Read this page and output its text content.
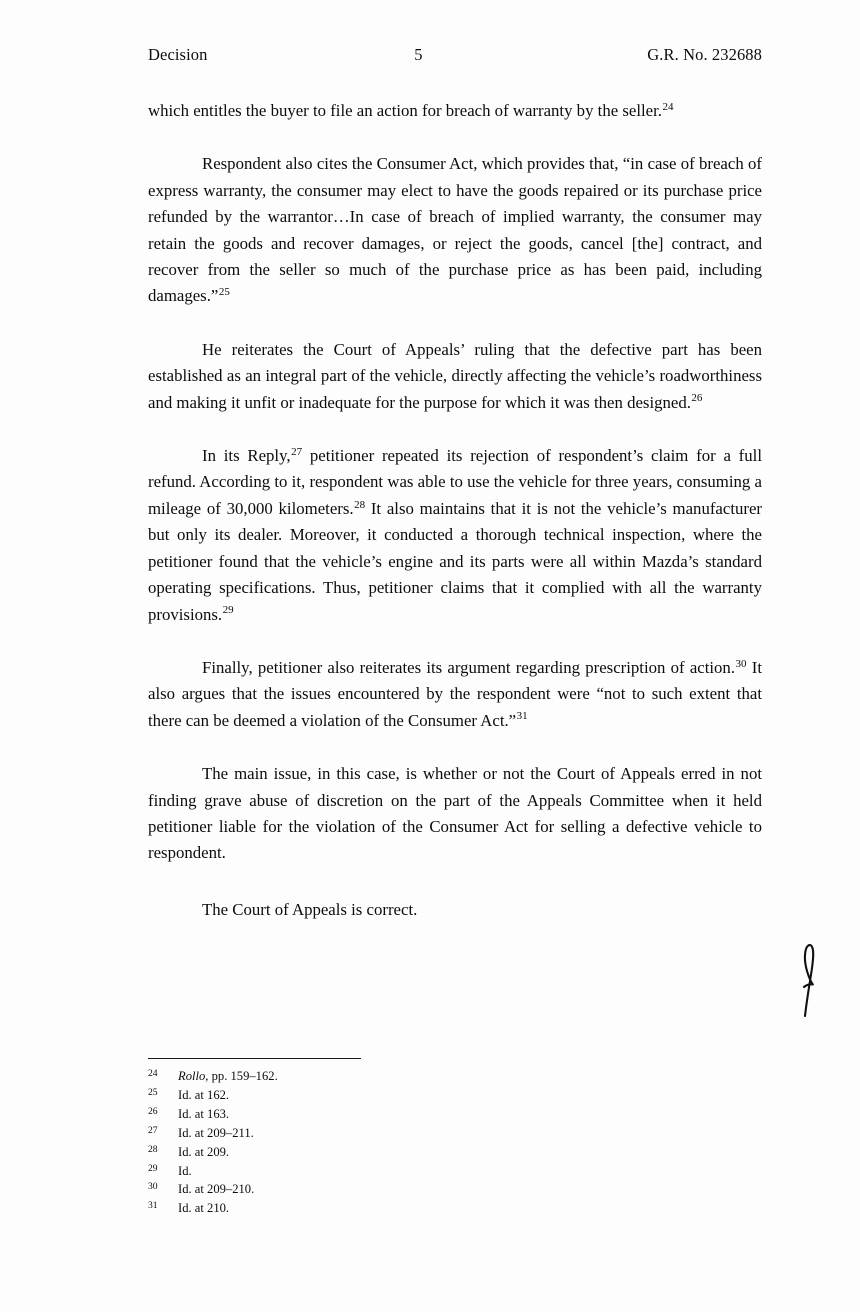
Decision	5	G.R. No. 232688

which entitles the buyer to file an action for breach of warranty by the seller.$^{24}$

Respondent also cites the Consumer Act, which provides that, “in case of breach of express warranty, the consumer may elect to have the goods repaired or its purchase price refunded by the warrantor…In case of breach of implied warranty, the consumer may retain the goods and recover damages, or reject the goods, cancel [the] contract, and recover from the seller so much of the purchase price as has been paid, including damages.”$^{25}$

He reiterates the Court of Appeals’ ruling that the defective part has been established as an integral part of the vehicle, directly affecting the vehicle’s roadworthiness and making it unfit or inadequate for the purpose for which it was then designed.$^{26}$

In its Reply,$^{27}$ petitioner repeated its rejection of respondent’s claim for a full refund. According to it, respondent was able to use the vehicle for three years, consuming a mileage of 30,000 kilometers.$^{28}$ It also maintains that it is not the vehicle’s manufacturer but only its dealer. Moreover, it conducted a thorough technical inspection, where the petitioner found that the vehicle’s engine and its parts were all within Mazda’s standard operating specifications. Thus, petitioner claims that it complied with all the warranty provisions.$^{29}$

Finally, petitioner also reiterates its argument regarding prescription of action.$^{30}$ It also argues that the issues encountered by the respondent were “not to such extent that there can be deemed a violation of the Consumer Act.”$^{31}$

The main issue, in this case, is whether or not the Court of Appeals erred in not finding grave abuse of discretion on the part of the Appeals Committee when it held petitioner liable for the violation of the Consumer Act for selling a defective vehicle to respondent.

The Court of Appeals is correct.

24	Rollo, pp. 159–162.
25	Id. at 162.
26	Id. at 163.
27	Id. at 209–211.
28	Id. at 209.
29	Id.
30	Id. at 209–210.
31	Id. at 210.
